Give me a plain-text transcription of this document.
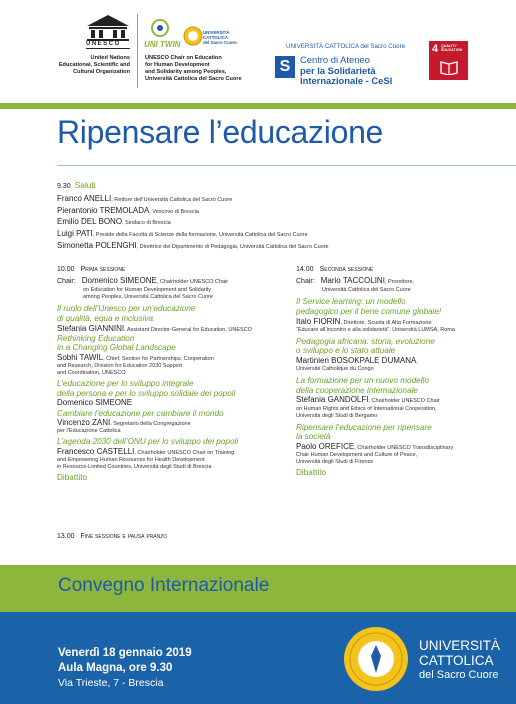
UNESCO
United Nations
Educational, Scientific and
Cultural Organization
UNI TWIN
UNIVERSITÀ
CATTOLICA
del Sacro Cuore
UNESCO Chair on Education
for Human Development
and Solidarity among Peoples,
Università Cattolica del Sacro Cuore
UNIVERSITÀ CATTOLICA del Sacro Cuore
S	Centro di Ateneo
per la Solidarietà
Internazionale - CeSI
4 QUALITY
EDUCATION
Ripensare l’educazione
9.30 Saluti
Franco ANELLI, Rettore dell’Università Cattolica del Sacro Cuore
Pierantonio TREMOLADA, Vescovo di Brescia
Emilio DEL BONO, Sindaco di Brescia
Luigi PATI, Preside della Facoltà di Scienze della formazione, Università Cattolica del Sacro Cuore
Simonetta POLENGHI, Direttrice del Dipartimento di Pedagogia, Università Cattolica del Sacro Cuore
10.00 Prima sessione
Chair: Domenico SIMEONE, Chairholder UNESCO Chair
on Education for Human Development and Solidarity
among Peoples, Università Cattolica del Sacro Cuore
Il ruolo dell’Unesco per un’educazione
di qualità, equa e inclusiva
Stefania GIANNINI, Assistant Director-General for Education, UNESCO
Rethinking Education
in a Changing Global Landscape
Sobhi TAWIL, Chief, Section for Partnerships, Cooperation
and Research, Division for Education 2030 Support
and Coordination, UNESCO
L’educazione per lo sviluppo integrale
della persona e per lo sviluppo solidale dei popoli
Domenico SIMEONE
Cambiare l’educazione per cambiare il mondo
Vincenzo ZANI, Segretario della Congregazione
per l’Educazione Cattolica
L’agenda 2030 dell’ONU per lo sviluppo dei popoli
Francesco CASTELLI, Chairholder UNESCO Chair on Training
and Empowering Human Resources for Health Development
in Resource-Limited Countries, Università degli Studi di Brescia
Dibattito
14.00 Seconda sessione
Chair: Mario TACCOLINI, Prorettore,
Università Cattolica del Sacro Cuore
Il Service learning: un modello
pedagogico per il bene comune globale!
Italo FIORIN, Direttore, Scuola di Alta Formazione
“Educare all’incontro e alla solidarietà”, Università LUMSA, Roma
Pedagogia africana: storia, evoluzione
o sviluppo e lo stato attuale
Martinien BOSOKPALE DUMANA,
Université Catholique du Congo
La formazione per un nuovo modello
della cooperazione internazionale
Stefania GANDOLFI, Chairholder UNESCO Chair
on Human Rights and Ethics of International Cooperation,
Università degli Studi di Bergamo
Ripensare l’educazione per ripensare
la società
Paolo OREFICE, Chairholder UNESCO Transdisciplinary
Chair Human Development and Culture of Peace,
Università degli Studi di Firenze
Dibattito
13.00 Fine sessione e pausa pranzo
Convegno Internazionale
Venerdì 18 gennaio 2019
Aula Magna, ore 9.30
Via Trieste, 7 - Brescia
UNIVERSITÀ
CATTOLICA
del Sacro Cuore
